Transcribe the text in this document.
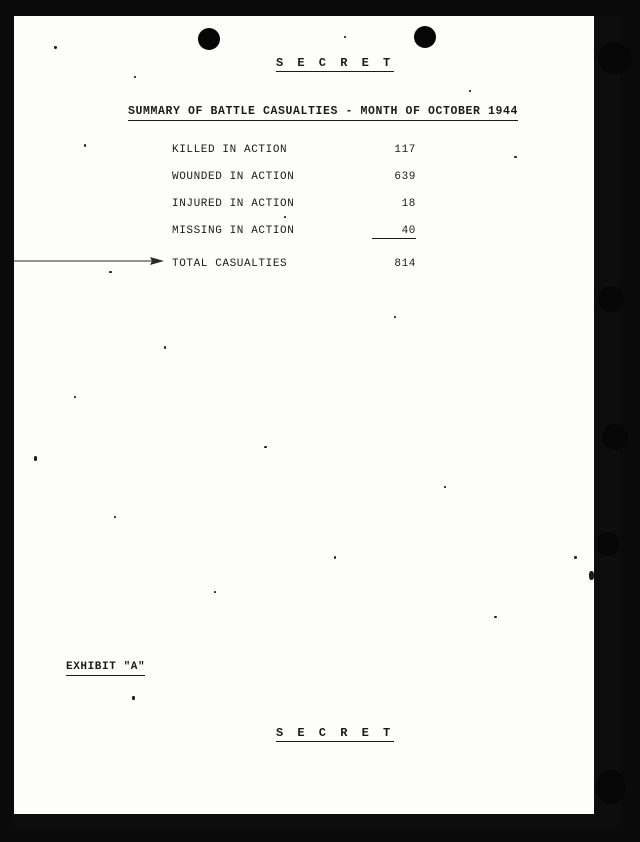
S E C R E T
SUMMARY OF BATTLE CASUALTIES - MONTH OF OCTOBER 1944
KILLED IN ACTION	117
WOUNDED IN ACTION	639
INJURED IN ACTION	18
MISSING IN ACTION	40
TOTAL CASUALTIES	814
EXHIBIT "A"
S E C R E T
